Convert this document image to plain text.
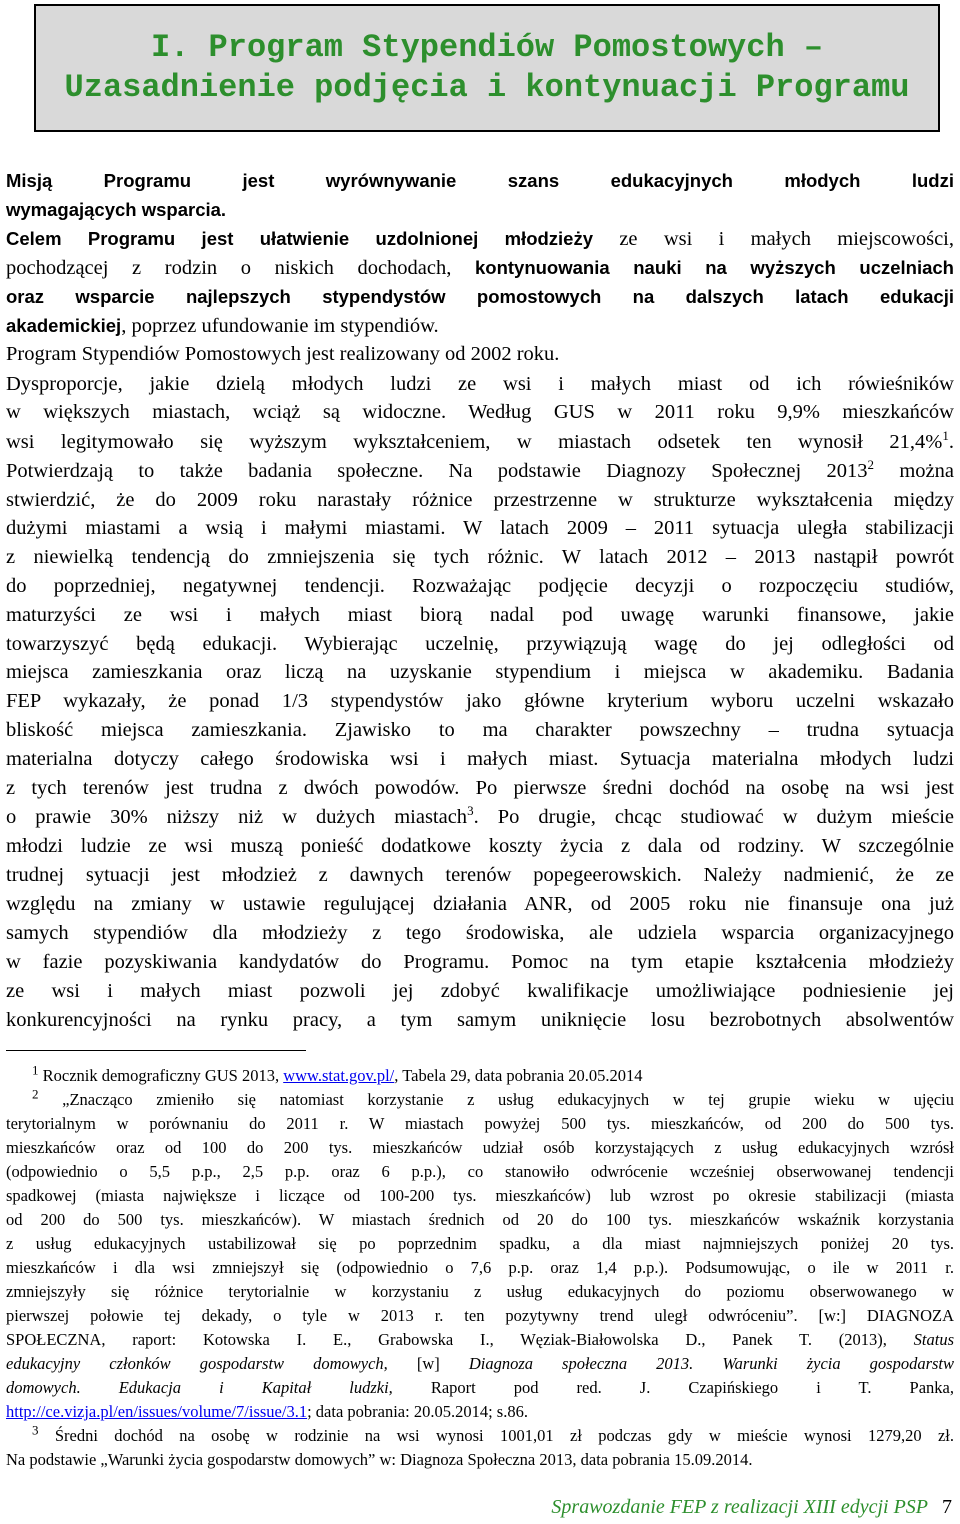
I. Program Stypendiów Pomostowych –
Uzasadnienie podjęcia i kontynuacji Programu
Misją Programu jest wyrównywanie szans edukacyjnych młodych ludzi
wymagających wsparcia.
Celem Programu jest ułatwienie uzdolnionej młodzieży ze wsi i małych miejscowości,
pochodzącej z rodzin o niskich dochodach, kontynuowania nauki na wyższych uczelniach
oraz wsparcie najlepszych stypendystów pomostowych na dalszych latach edukacji
akademickiej, poprzez ufundowanie im stypendiów.
Program Stypendiów Pomostowych jest realizowany od 2002 roku.
Dysproporcje, jakie dzielą młodych ludzi ze wsi i małych miast od ich rówieśników
w większych miastach, wciąż są widoczne. Według GUS w 2011 roku 9,9% mieszkańców
wsi legitymowało się wyższym wykształceniem, w miastach odsetek ten wynosił 21,4%$^1$.
Potwierdzają to także badania społeczne. Na podstawie Diagnozy Społecznej 2013$^2$ można
stwierdzić, że do 2009 roku narastały różnice przestrzenne w strukturze wykształcenia między
dużymi miastami a wsią i małymi miastami. W latach 2009 – 2011 sytuacja uległa stabilizacji
z niewielką tendencją do zmniejszenia się tych różnic. W latach 2012 – 2013 nastąpił powrót
do poprzedniej, negatywnej tendencji. Rozważając podjęcie decyzji o rozpoczęciu studiów,
maturzyści ze wsi i małych miast biorą nadal pod uwagę warunki finansowe, jakie
towarzyszyć będą edukacji. Wybierając uczelnię, przywiązują wagę do jej odległości od
miejsca zamieszkania oraz liczą na uzyskanie stypendium i miejsca w akademiku. Badania
FEP wykazały, że ponad 1/3 stypendystów jako główne kryterium wyboru uczelni wskazało
bliskość miejsca zamieszkania. Zjawisko to ma charakter powszechny – trudna sytuacja
materialna dotyczy całego środowiska wsi i małych miast. Sytuacja materialna młodych ludzi
z tych terenów jest trudna z dwóch powodów. Po pierwsze średni dochód na osobę na wsi jest
o prawie 30% niższy niż w dużych miastach$^3$. Po drugie, chcąc studiować w dużym mieście
młodzi ludzie ze wsi muszą ponieść dodatkowe koszty życia z dala od rodziny. W szczególnie
trudnej sytuacji jest młodzież z dawnych terenów popegeerowskich. Należy nadmienić, że ze
względu na zmiany w ustawie regulującej działania ANR, od 2005 roku nie finansuje ona już
samych stypendiów dla młodzieży z tego środowiska, ale udziela wsparcia organizacyjnego
w fazie pozyskiwania kandydatów do Programu. Pomoc na tym etapie kształcenia młodzieży
ze wsi i małych miast pozwoli jej zdobyć kwalifikacje umożliwiające podniesienie jej
konkurencyjności na rynku pracy, a tym samym uniknięcie losu bezrobotnych absolwentów
$^1$ Rocznik demograficzny GUS 2013, www.stat.gov.pl/, Tabela 29, data pobrania 20.05.2014
$^2$ „Znacząco zmieniło się natomiast korzystanie z usług edukacyjnych w tej grupie wieku w ujęciu
terytorialnym w porównaniu do 2011 r. W miastach powyżej 500 tys. mieszkańców, od 200 do 500 tys.
mieszkańców oraz od 100 do 200 tys. mieszkańców udział osób korzystających z usług edukacyjnych wzrósł
(odpowiednio o 5,5 p.p., 2,5 p.p. oraz 6 p.p.), co stanowiło odwrócenie wcześniej obserwowanej tendencji
spadkowej (miasta największe i liczące od 100-200 tys. mieszkańców) lub wzrost po okresie stabilizacji (miasta
od 200 do 500 tys. mieszkańców). W miastach średnich od 20 do 100 tys. mieszkańców wskaźnik korzystania
z usług edukacyjnych ustabilizował się po poprzednim spadku, a dla miast najmniejszych poniżej 20 tys.
mieszkańców i dla wsi zmniejszył się (odpowiednio o 7,6 p.p. oraz 1,4 p.p.). Podsumowując, o ile w 2011 r.
zmniejszyły się różnice terytorialnie w korzystaniu z usług edukacyjnych do poziomu obserwowanego w
pierwszej połowie tej dekady, o tyle w 2013 r. ten pozytywny trend uległ odwróceniu”. [w:] DIAGNOZA
SPOŁECZNA, raport: Kotowska I. E., Grabowska I., Węziak-Białowolska D., Panek T. (2013), Status
edukacyjny członków gospodarstw domowych, [w] Diagnoza społeczna 2013. Warunki życia gospodarstw
domowych. Edukacja i Kapitał ludzki, Raport pod red. J. Czapińskiego i T. Panka,
http://ce.vizja.pl/en/issues/volume/7/issue/3.1; data pobrania: 20.05.2014; s.86.
$^3$ Średni dochód na osobę w rodzinie na wsi wynosi 1001,01 zł podczas gdy w mieście wynosi 1279,20 zł.
Na podstawie „Warunki życia gospodarstw domowych” w: Diagnoza Społeczna 2013, data pobrania 15.09.2014.
Sprawozdanie FEP z realizacji XIII edycji PSP 7
